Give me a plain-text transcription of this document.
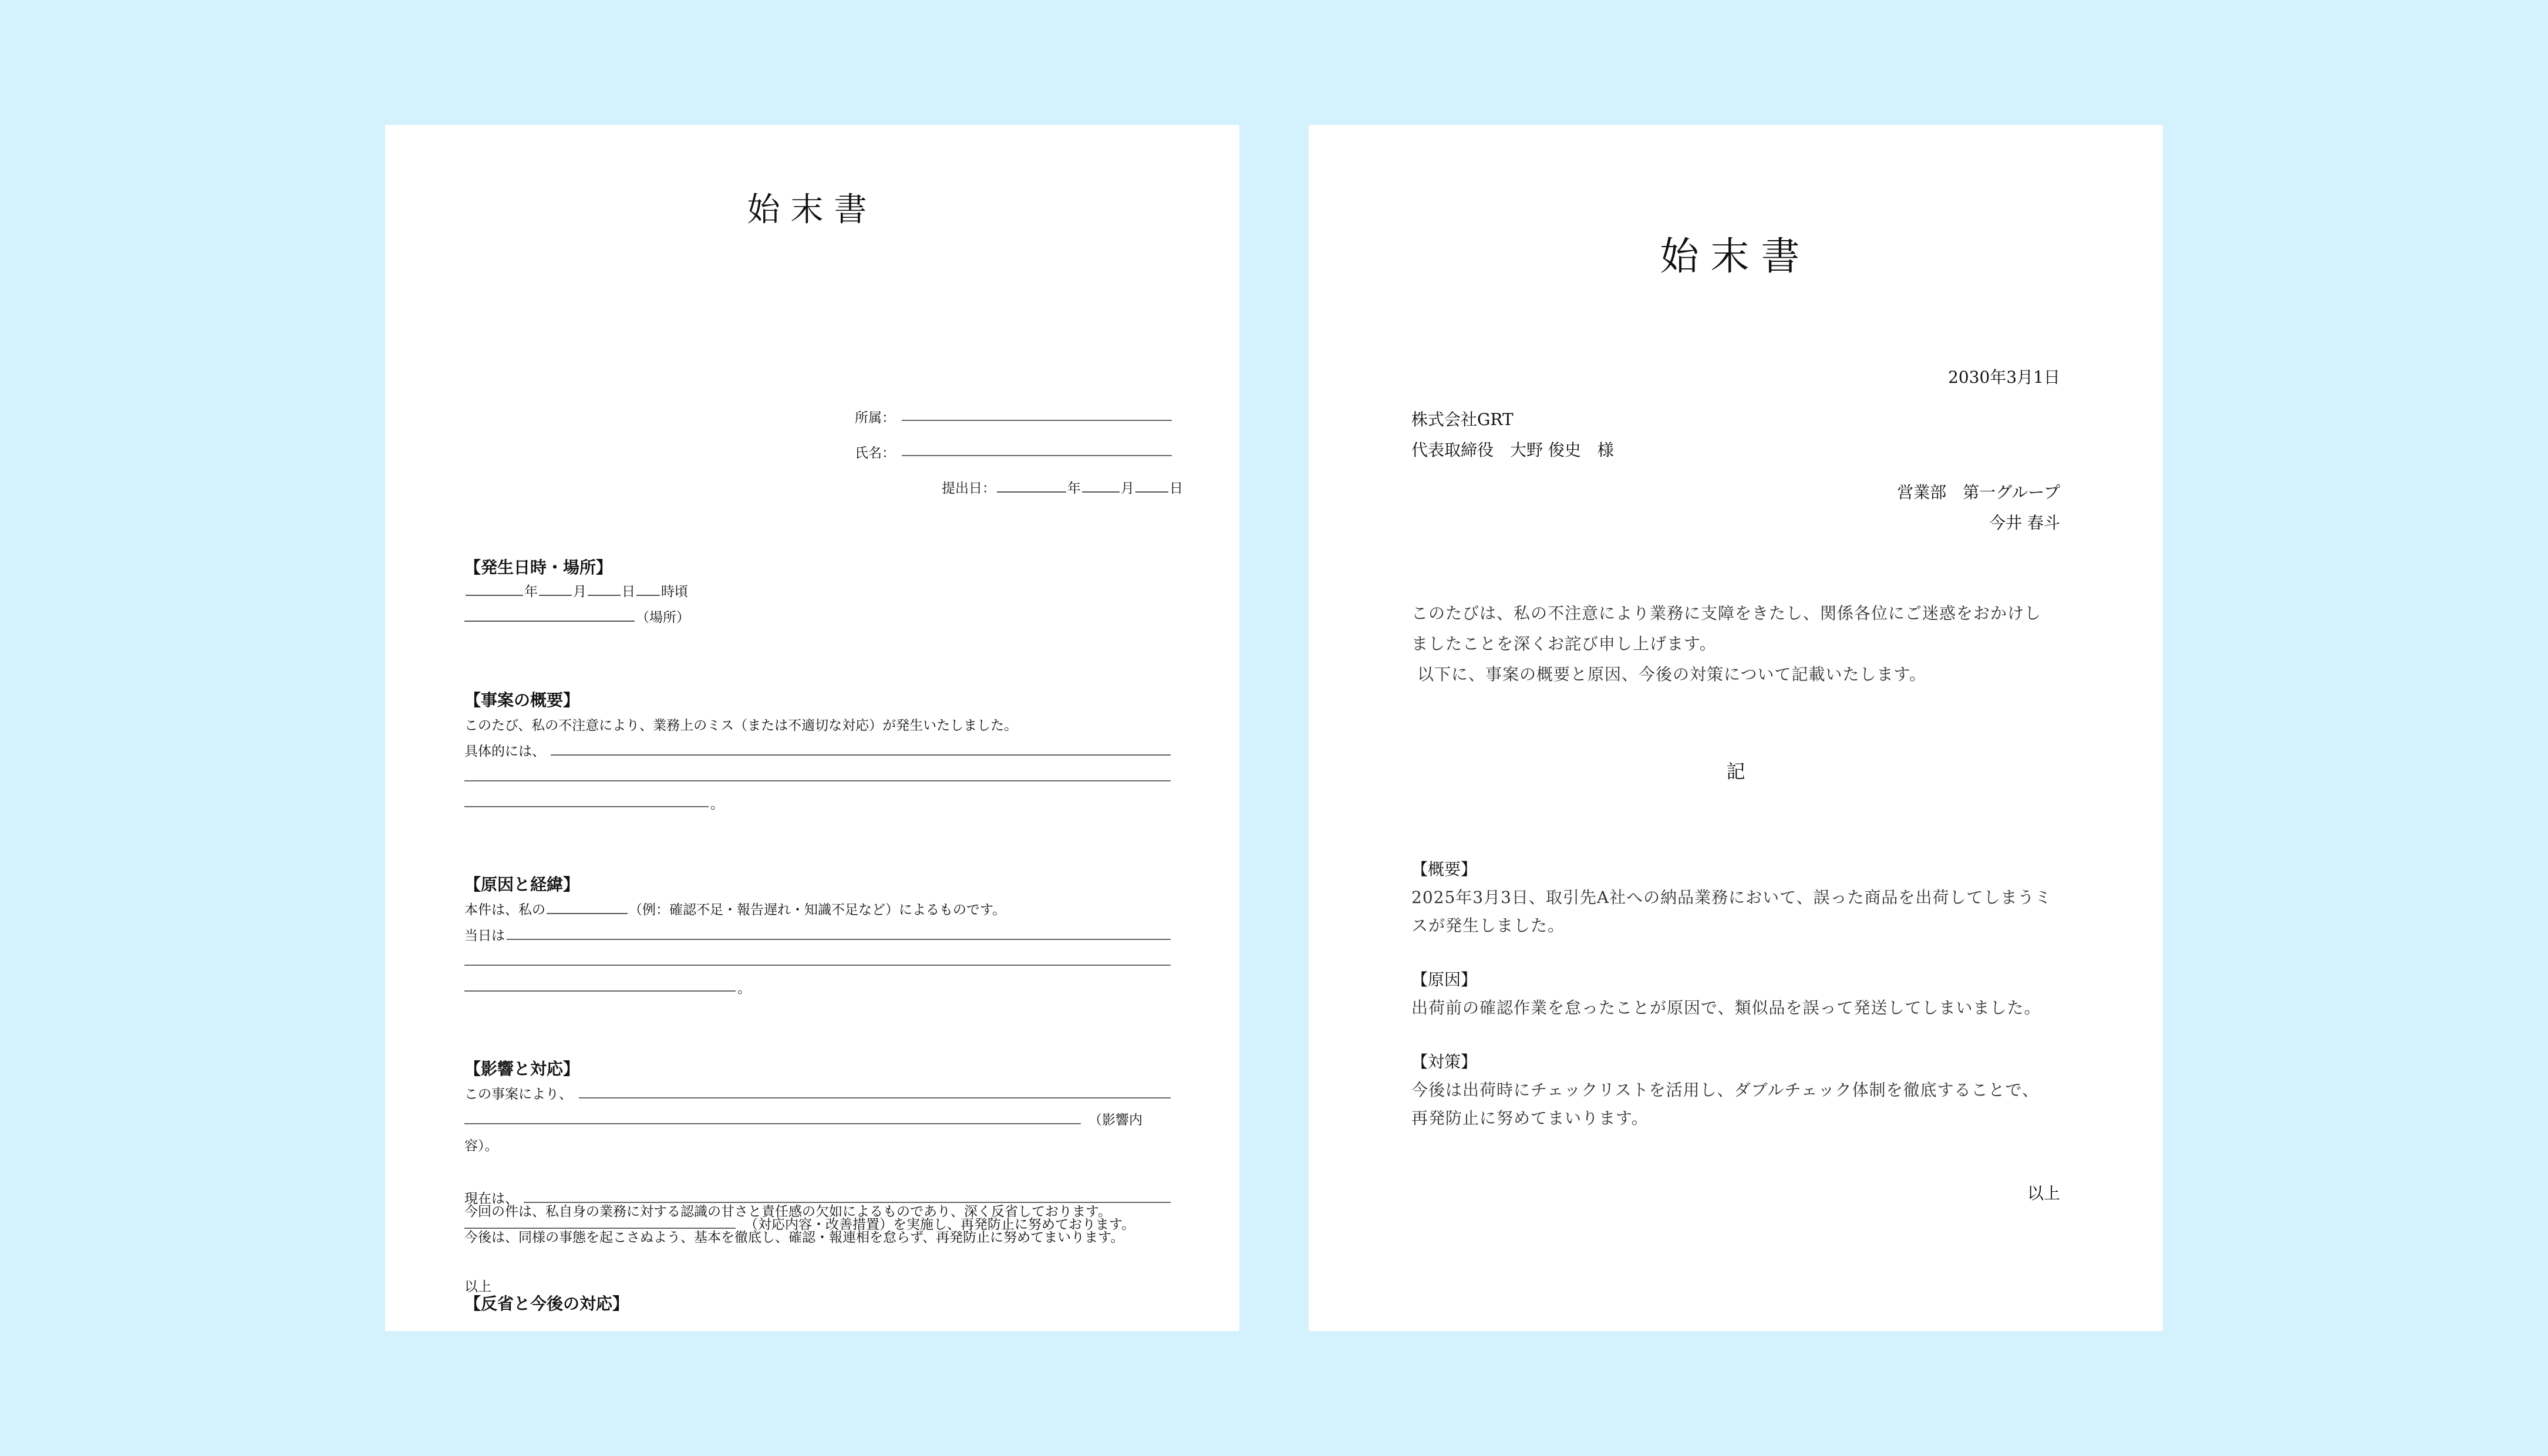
始末書
所属：
氏名：
提出日：	年	月	日
【発生日時・場所】
年	月	日 時頃
（場所）
【事案の概要】
このたび、私の不注意により、業務上のミス（または不適切な対応）が発生いたしました。
具体的には、
。
【原因と経緯】
本件は、私の	（例：確認不足・報告遅れ・知識不足など）によるものです。
当日は
。
【影響と対応】
この事案により、
（影響内
容）。
現在は、
（対応内容・改善措置）を実施し、再発防止に努めております。
【反省と今後の対応】
今回の件は、私自身の業務に対する認識の甘さと責任感の欠如によるものであり、深く反省しております。
今後は、同様の事態を起こさぬよう、基本を徹底し、確認・報連相を怠らず、再発防止に努めてまいります。
以上
始末書
2030年3月1日
株式会社GRT
代表取締役　大野 俊史　様
営業部　第一グループ
今井 春斗
このたびは、私の不注意により業務に支障をきたし、関係各位にご迷惑をおかけし
ましたことを深くお詫び申し上げます。
以下に、事案の概要と原因、今後の対策について記載いたします。
記
【概要】
2025年3月3日、取引先A社への納品業務において、誤った商品を出荷してしまうミ
スが発生しました。
【原因】
出荷前の確認作業を怠ったことが原因で、類似品を誤って発送してしまいました。
【対策】
今後は出荷時にチェックリストを活用し、ダブルチェック体制を徹底することで、
再発防止に努めてまいります。
以上
